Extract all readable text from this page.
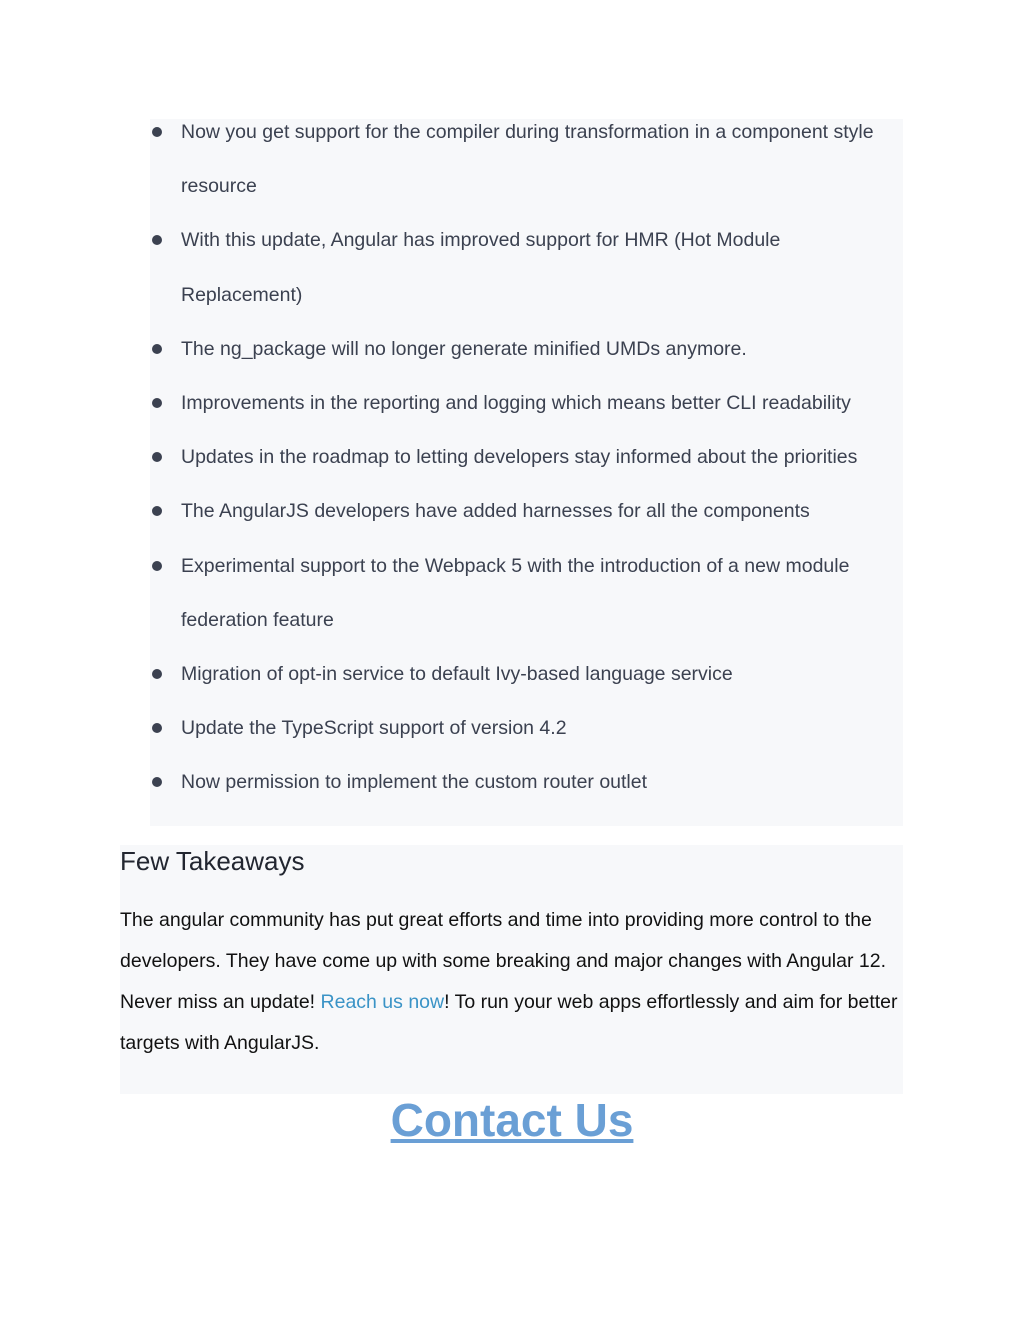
Now you get support for the compiler during transformation in a component style
resource
With this update, Angular has improved support for HMR (Hot Module
Replacement)
The ng_package will no longer generate minified UMDs anymore.
Improvements in the reporting and logging which means better CLI readability
Updates in the roadmap to letting developers stay informed about the priorities
The AngularJS developers have added harnesses for all the components
Experimental support to the Webpack 5 with the introduction of a new module
federation feature
Migration of opt-in service to default Ivy-based language service
Update the TypeScript support of version 4.2
Now permission to implement the custom router outlet
Few Takeaways

The angular community has put great efforts and time into providing more control to the developers. They have come up with some breaking and major changes with Angular 12. Never miss an update! Reach us now! To run your web apps effortlessly and aim for better targets with AngularJS.

Contact Us
